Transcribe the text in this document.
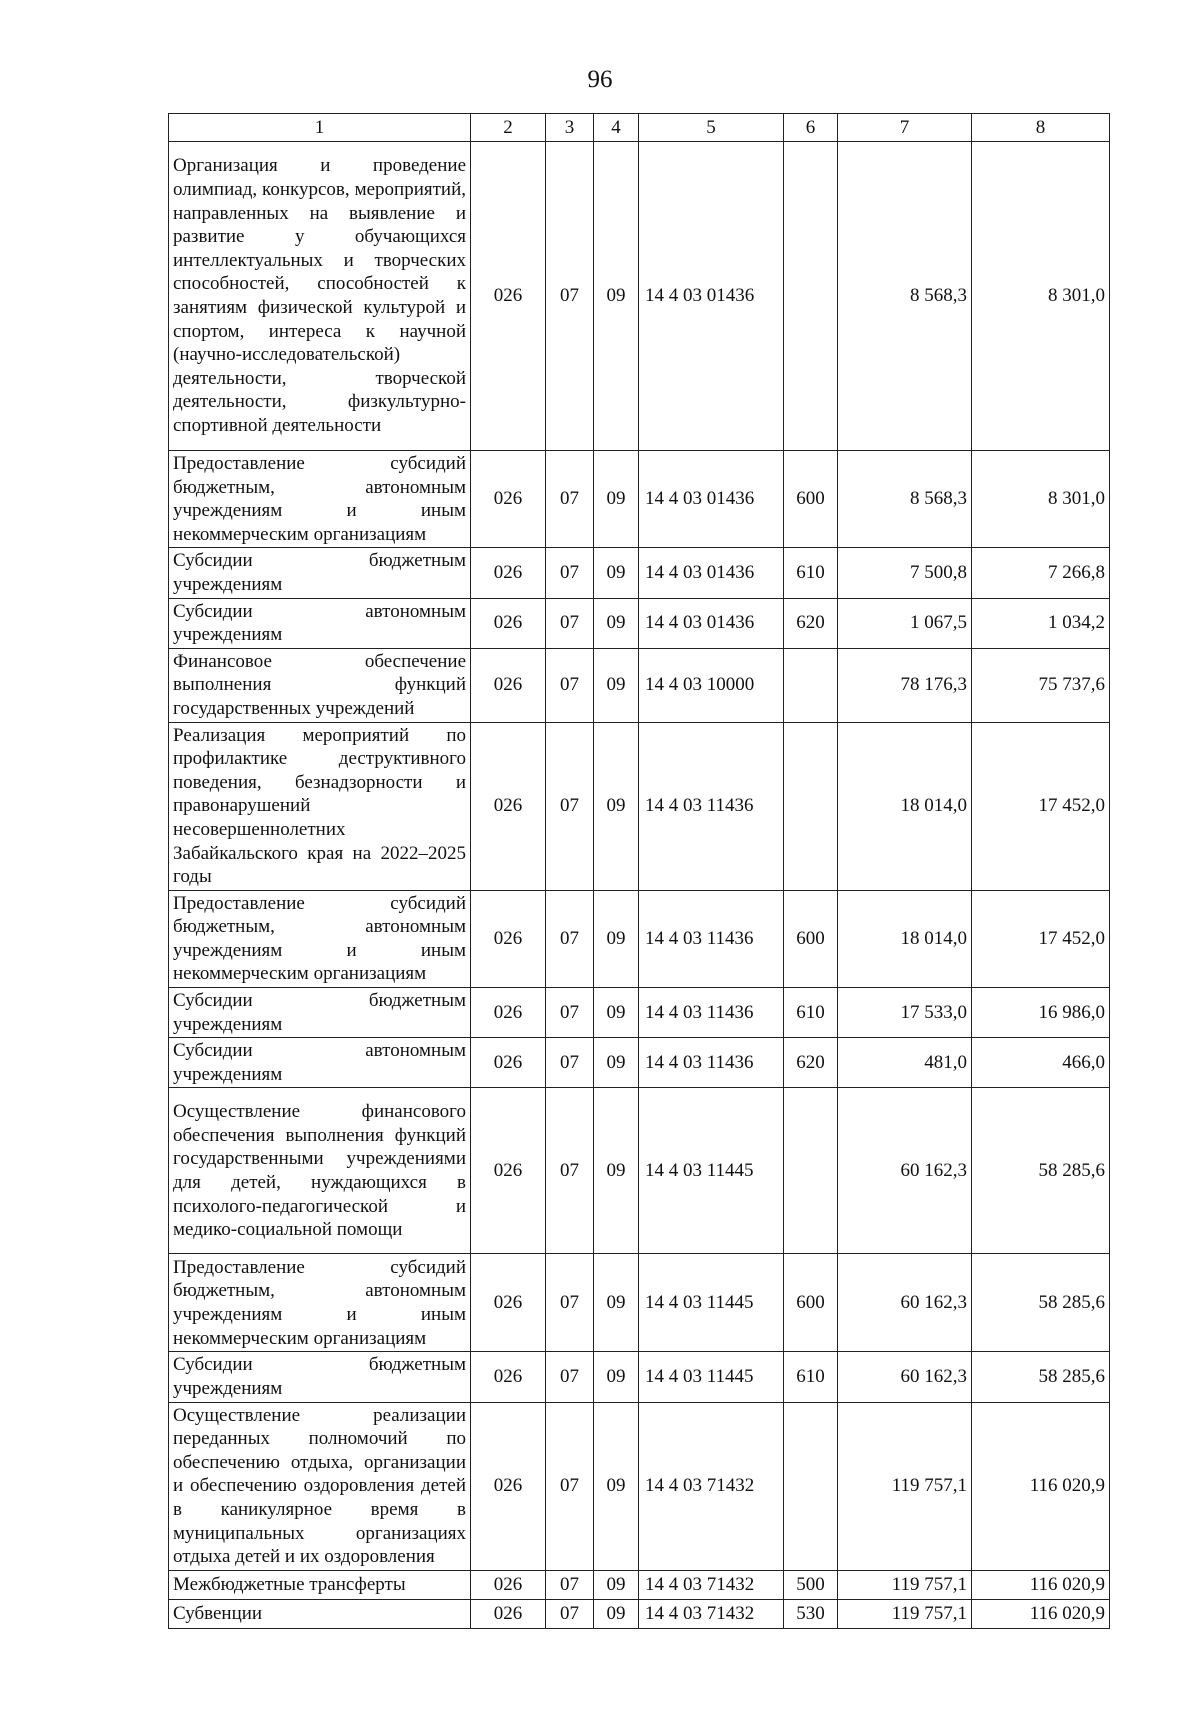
96
1	2	3	4	5	6	7	8
Организация и проведение олимпиад, конкурсов, мероприятий, направленных на выявление и развитие у обучающихся интеллектуальных и творческих способностей, способностей к занятиям физической культурой и спортом, интереса к научной (научно-исследовательской) деятельности, творческой деятельности, физкультурно-спортивной деятельности	026	07	09	14 4 03 01436		8 568,3	8 301,0
Предоставление субсидий бюджетным, автономным учреждениям и иным некоммерческим организациям	026	07	09	14 4 03 01436	600	8 568,3	8 301,0
Субсидии бюджетным учреждениям	026	07	09	14 4 03 01436	610	7 500,8	7 266,8
Субсидии автономным учреждениям	026	07	09	14 4 03 01436	620	1 067,5	1 034,2
Финансовое обеспечение выполнения функций государственных учреждений	026	07	09	14 4 03 10000		78 176,3	75 737,6
Реализация мероприятий по профилактике деструктивного поведения, безнадзорности и правонарушений несовершеннолетних Забайкальского края на 2022–2025 годы	026	07	09	14 4 03 11436		18 014,0	17 452,0
Предоставление субсидий бюджетным, автономным учреждениям и иным некоммерческим организациям	026	07	09	14 4 03 11436	600	18 014,0	17 452,0
Субсидии бюджетным учреждениям	026	07	09	14 4 03 11436	610	17 533,0	16 986,0
Субсидии автономным учреждениям	026	07	09	14 4 03 11436	620	481,0	466,0
Осуществление финансового обеспечения выполнения функций государственными учреждениями для детей, нуждающихся в психолого-педагогической и медико-социальной помощи	026	07	09	14 4 03 11445		60 162,3	58 285,6
Предоставление субсидий бюджетным, автономным учреждениям и иным некоммерческим организациям	026	07	09	14 4 03 11445	600	60 162,3	58 285,6
Субсидии бюджетным учреждениям	026	07	09	14 4 03 11445	610	60 162,3	58 285,6
Осуществление реализации переданных полномочий по обеспечению отдыха, организации и обеспечению оздоровления детей в каникулярное время в муниципальных организациях отдыха детей и их оздоровления	026	07	09	14 4 03 71432		119 757,1	116 020,9
Межбюджетные трансферты	026	07	09	14 4 03 71432	500	119 757,1	116 020,9
Субвенции	026	07	09	14 4 03 71432	530	119 757,1	116 020,9
